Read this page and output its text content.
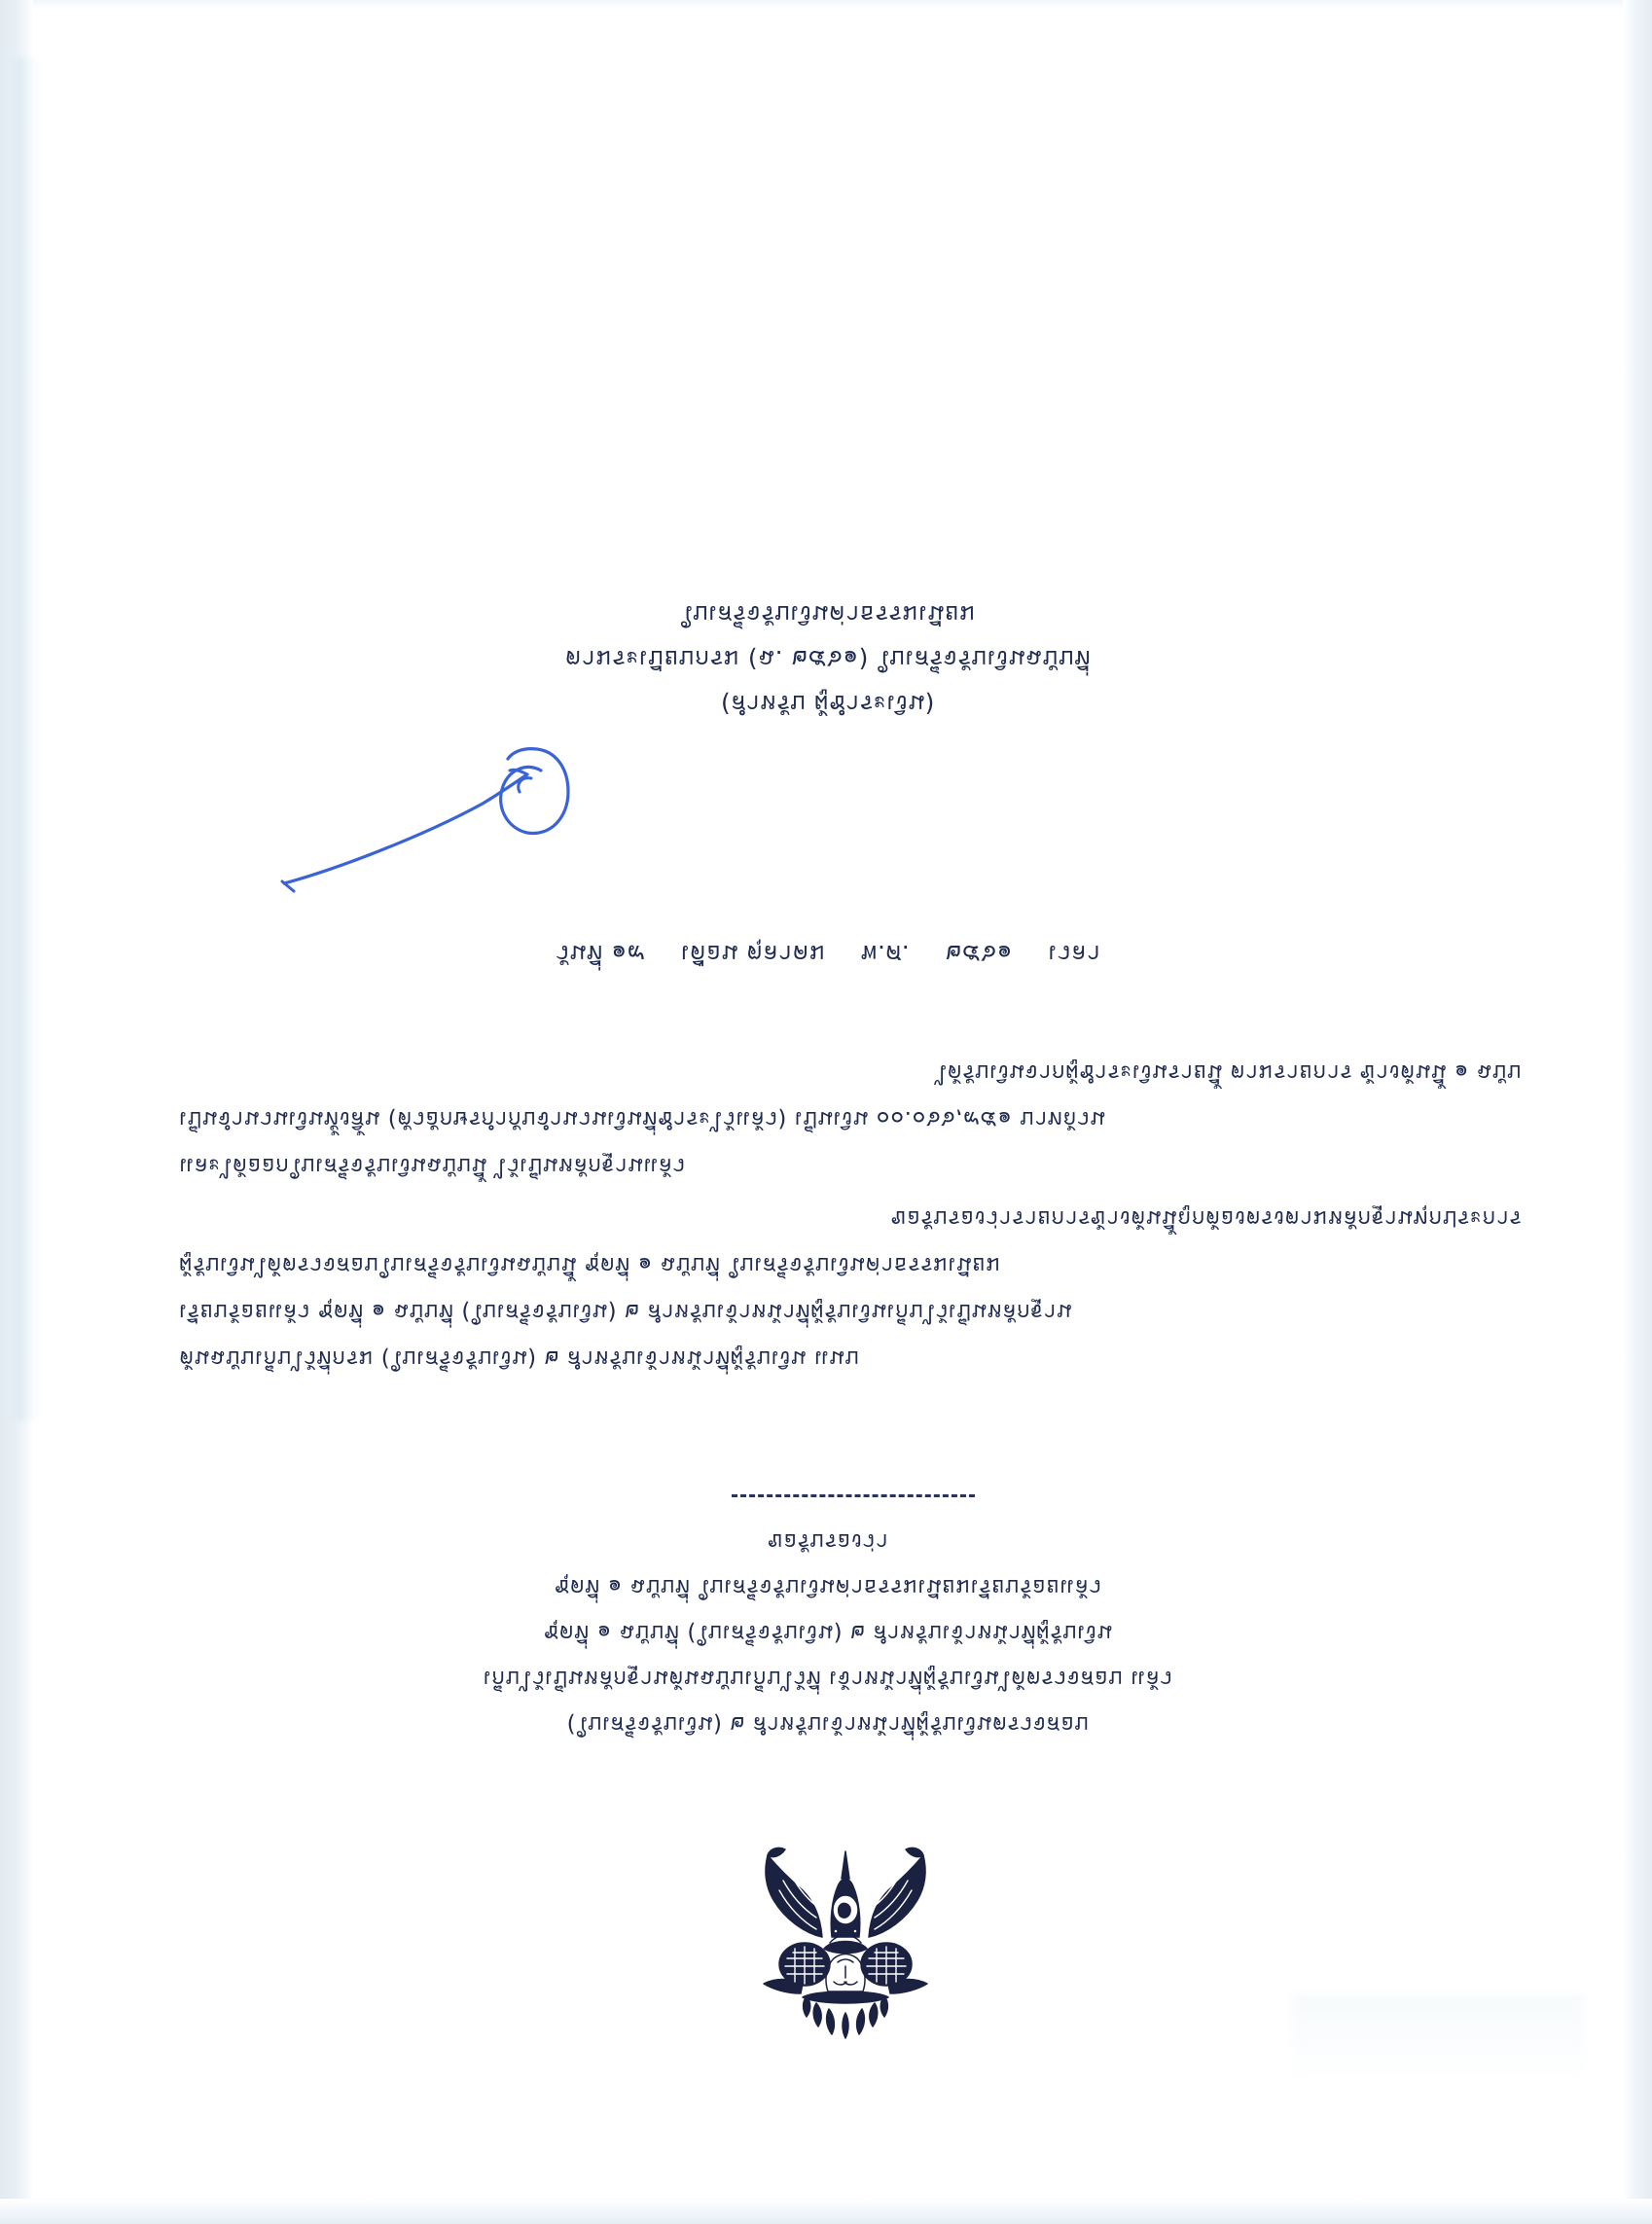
ใบเสร็จรับเงินค่าธรรมเนียม
ตามระเบียบกรม (ฉ. ๒๕๖๑) ใบเสร็จรับเงินฉบับที่
(สำหรับ ผู้ชำระเงิน)
วันที่ ๑๙ เดือน ตุลาคม พ.ศ. ๒๕๖๑ เวลา
ได้รับเงินจากผู้ชำระเงินรายนี้ ตามรายการ ข้างต้นนี้ ๑ ฉบับ
เป็นจำนวนเงินทั้งสิ้น (ตัวอักษรกำกับจำนวนเงินที่ชำระไว้แล้ว) เป็นเงิน ๐๐.๐๖๖,๙๕๑ บาทถ้วน
และได้ออกใบเสร็จรับเงินฉบับนี้ ไว้เป็นหลักฐานแล้ว
ขอรับรองว่ารายการข้างต้นนี้ถูกต้องตรงตามหลักฐานทุกประการ
ผู้รับเงินได้ตรวจสอบใบเสร็จรับเงินฉบับนี้ ชุดที่ ๑ ฉบับที่ ใบเสร็จรับเงินค่าธรรมเนียม
เรียบร้อยแล้ว ชุดที่ ๑ ฉบับที่ (ใบเสร็จรับเงิน) ๒ สำหรับเจ้าหน้าที่ผู้รับเงินเก็บไว้เป็นหลักฐาน
ต้นฉบับเก็บไว้ที่กรม (ใบเสร็จรับเงิน) ๒ สำหรับเจ้าหน้าที่ผู้รับเงิน แนบ
ขอรับรองว่า
ชุดที่ ๑ ฉบับที่ ใบเสร็จรับเงินค่าธรรมเนียมเรียบร้อยแล้ว
ชุดที่ ๑ ฉบับที่ (ใบเสร็จรับเงิน) ๒ สำหรับเจ้าหน้าที่ผู้รับเงิน
เก็บไว้เป็นหลักฐานต้นฉบับเก็บไว้ที่ เจ้าหน้าที่ผู้รับเงินได้ตรวจสอบ แล้ว
(ใบเสร็จรับเงิน) ๒ สำหรับเจ้าหน้าที่ผู้รับเงินตรวจสอบ
